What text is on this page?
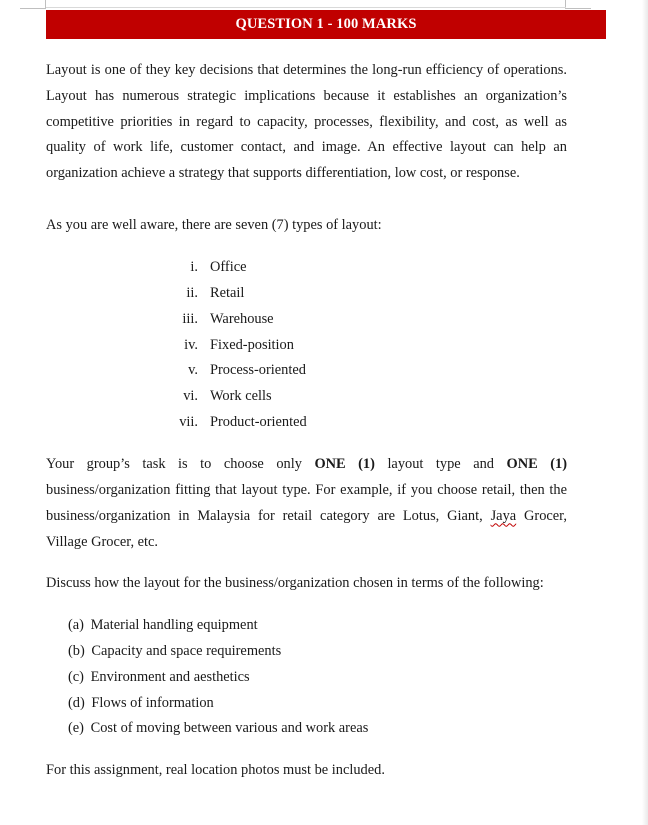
QUESTION 1 - 100 MARKS

Layout is one of they key decisions that determines the long-run efficiency of operations. Layout has numerous strategic implications because it establishes an organization’s competitive priorities in regard to capacity, processes, flexibility, and cost, as well as quality of work life, customer contact, and image. An effective layout can help an organization achieve a strategy that supports differentiation, low cost, or response.

As you are well aware, there are seven (7) types of layout:

i. Office
ii. Retail
iii. Warehouse
iv. Fixed-position
v. Process-oriented
vi. Work cells
vii. Product-oriented

Your group’s task is to choose only ONE (1) layout type and ONE (1) business/organization fitting that layout type. For example, if you choose retail, then the business/organization in Malaysia for retail category are Lotus, Giant, Jaya Grocer, Village Grocer, etc.

Discuss how the layout for the business/organization chosen in terms of the following:

(a) Material handling equipment
(b) Capacity and space requirements
(c) Environment and aesthetics
(d) Flows of information
(e) Cost of moving between various and work areas

For this assignment, real location photos must be included.
